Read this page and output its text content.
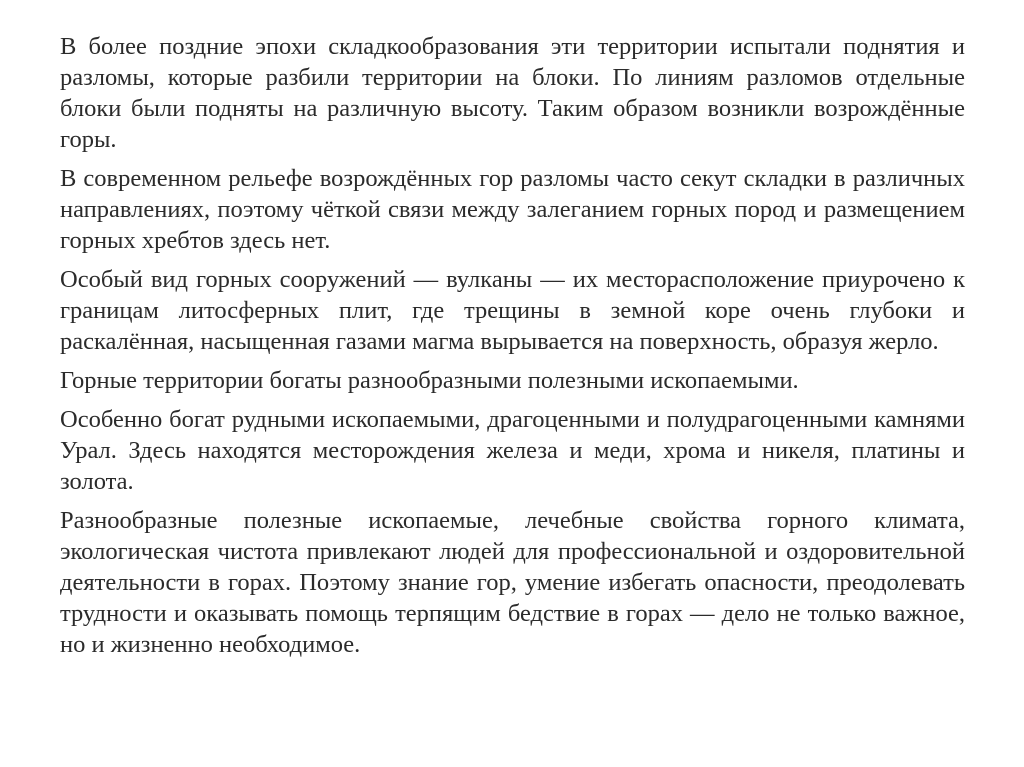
В более поздние эпохи складкообразования эти территории испытали поднятия и разломы, которые разбили территории на блоки. По линиям разломов отдельные блоки были подняты на различную высоту. Таким образом возникли возрождённые горы.

В современном рельефе возрождённых гор разломы часто секут складки в различных направлениях, поэтому чёткой связи между залеганием горных пород и размещением горных хребтов здесь нет.

Особый вид горных сооружений — вулканы — их месторасположение приурочено к границам литосферных плит, где трещины в земной коре очень глубоки и раскалённая, насыщенная газами магма вырывается на поверхность, образуя жерло.

Горные территории богаты разнообразными полезными ископаемыми.

Особенно богат рудными ископаемыми, драгоценными и полудрагоценными камнями Урал. Здесь находятся месторождения железа и меди, хрома и никеля, платины и золота.

Разнообразные полезные ископаемые, лечебные свойства горного климата, экологическая чистота привлекают людей для профессиональной и оздоровительной деятельности в горах. Поэтому знание гор, умение избегать опасности, преодолевать трудности и оказывать помощь терпящим бедствие в горах — дело не только важное, но и жизненно необходимое.
